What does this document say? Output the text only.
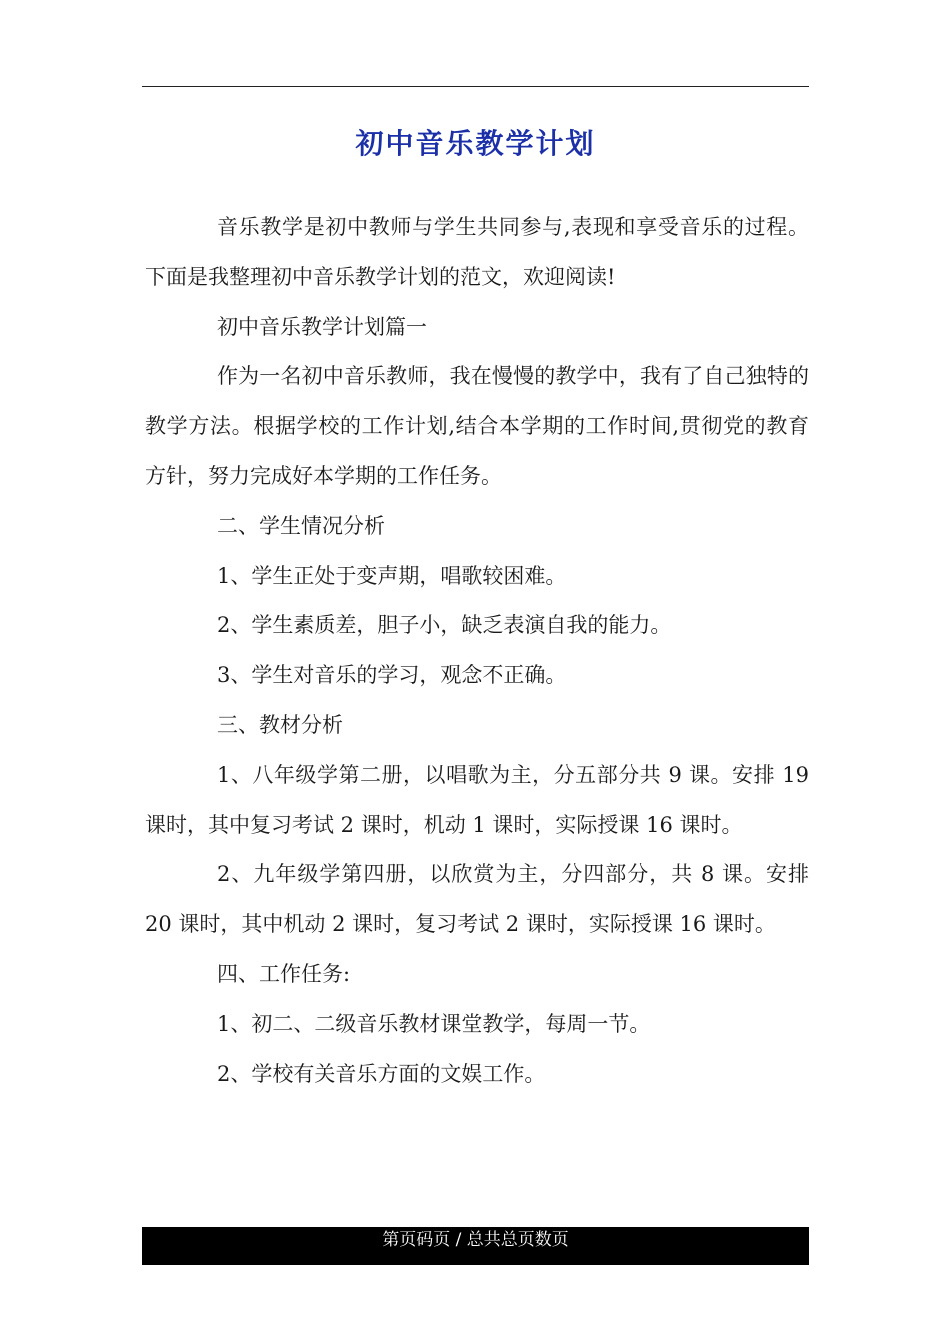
初中音乐教学计划

音乐教学是初中教师与学生共同参与,表现和享受音乐的过程。下面是我整理初中音乐教学计划的范文，欢迎阅读!

初中音乐教学计划篇一

作为一名初中音乐教师，我在慢慢的教学中，我有了自己独特的教学方法。根据学校的工作计划,结合本学期的工作时间,贯彻党的教育方针，努力完成好本学期的工作任务。

二、学生情况分析

1、学生正处于变声期，唱歌较困难。

2、学生素质差，胆子小，缺乏表演自我的能力。

3、学生对音乐的学习，观念不正确。

三、教材分析

1、八年级学第二册，以唱歌为主，分五部分共 9 课。安排 19 课时，其中复习考试 2 课时，机动 1 课时，实际授课 16 课时。

2、九年级学第四册，以欣赏为主，分四部分，共 8 课。安排 20 课时，其中机动 2 课时，复习考试 2 课时，实际授课 16 课时。

四、工作任务:

1、初二、二级音乐教材课堂教学，每周一节。

2、学校有关音乐方面的文娱工作。

第页码页 / 总共总页数页
